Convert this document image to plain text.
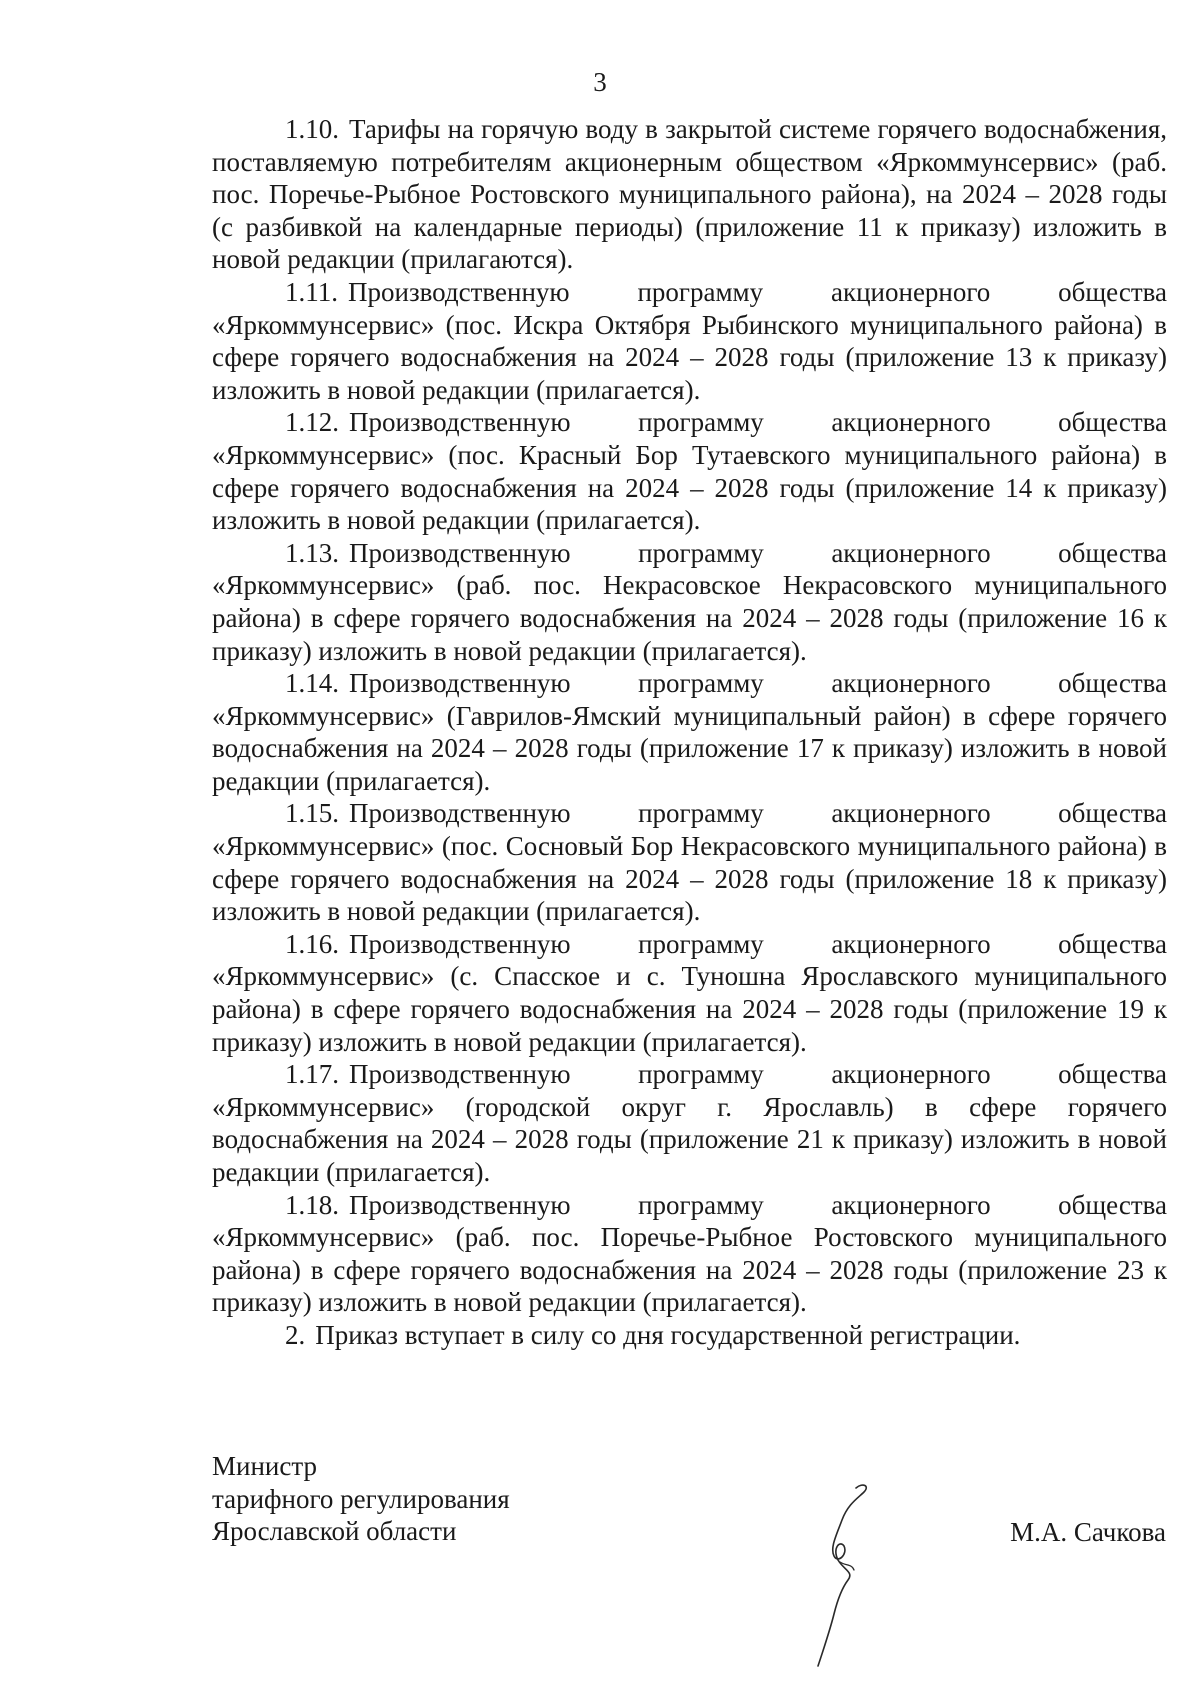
3

1.10. Тарифы на горячую воду в закрытой системе горячего водоснабжения, поставляемую потребителям акционерным обществом «Яркоммунсервис» (раб. пос. Поречье-Рыбное Ростовского муниципального района), на 2024 – 2028 годы (с разбивкой на календарные периоды) (приложение 11 к приказу) изложить в новой редакции (прилагаются).

1.11. Производственную программу акционерного общества «Яркоммунсервис» (пос. Искра Октября Рыбинского муниципального района) в сфере горячего водоснабжения на 2024 – 2028 годы (приложение 13 к приказу) изложить в новой редакции (прилагается).

1.12. Производственную программу акционерного общества «Яркоммунсервис» (пос. Красный Бор Тутаевского муниципального района) в сфере горячего водоснабжения на 2024 – 2028 годы (приложение 14 к приказу) изложить в новой редакции (прилагается).

1.13. Производственную программу акционерного общества «Яркоммунсервис» (раб. пос. Некрасовское Некрасовского муниципального района) в сфере горячего водоснабжения на 2024 – 2028 годы (приложение 16 к приказу) изложить в новой редакции (прилагается).

1.14. Производственную программу акционерного общества «Яркоммунсервис» (Гаврилов-Ямский муниципальный район) в сфере горячего водоснабжения на 2024 – 2028 годы (приложение 17 к приказу) изложить в новой редакции (прилагается).

1.15. Производственную программу акционерного общества «Яркоммунсервис» (пос. Сосновый Бор Некрасовского муниципального района) в сфере горячего водоснабжения на 2024 – 2028 годы (приложение 18 к приказу) изложить в новой редакции (прилагается).

1.16. Производственную программу акционерного общества «Яркоммунсервис» (с. Спасское и с. Туношна Ярославского муниципального района) в сфере горячего водоснабжения на 2024 – 2028 годы (приложение 19 к приказу) изложить в новой редакции (прилагается).

1.17. Производственную программу акционерного общества «Яркоммунсервис» (городской округ г. Ярославль) в сфере горячего водоснабжения на 2024 – 2028 годы (приложение 21 к приказу) изложить в новой редакции (прилагается).

1.18. Производственную программу акционерного общества «Яркоммунсервис» (раб. пос. Поречье-Рыбное Ростовского муниципального района) в сфере горячего водоснабжения на 2024 – 2028 годы (приложение 23 к приказу) изложить в новой редакции (прилагается).

2. Приказ вступает в силу со дня государственной регистрации.

Министр
тарифного регулирования
Ярославской области	М.А. Сачкова
